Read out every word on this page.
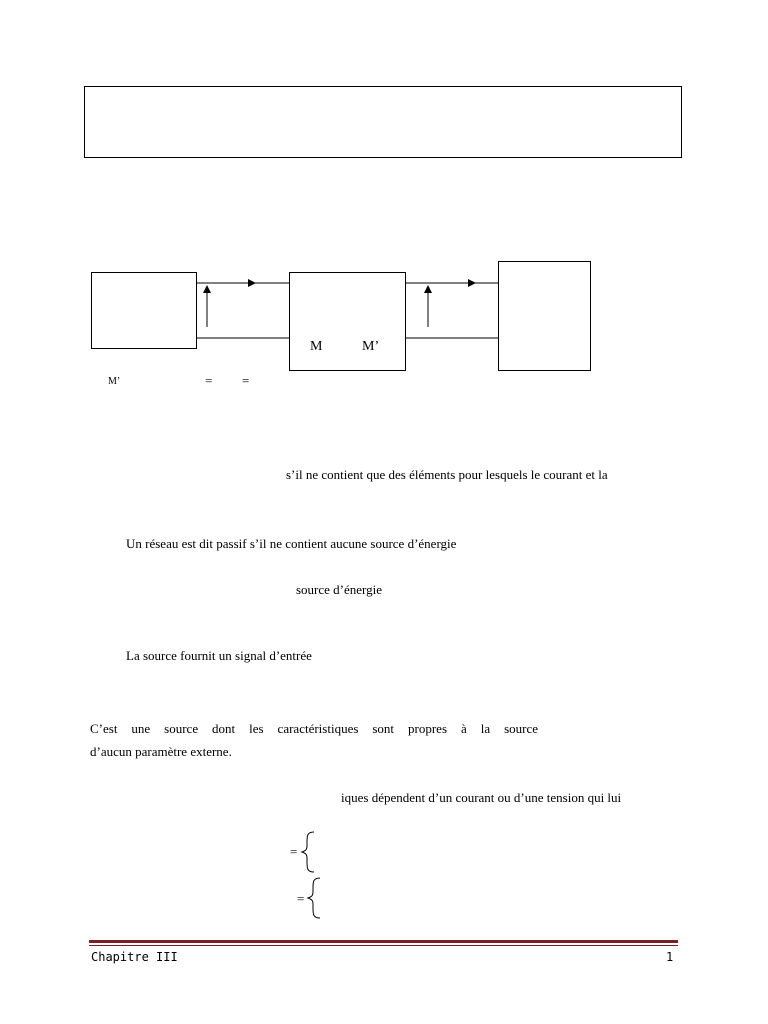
M	M’
M’	= =
s’il ne contient que des éléments pour lesquels le courant et la
Un réseau est dit passif s’il ne contient aucune source d’énergie
source d’énergie
La source fournit un signal d’entrée
C’est une source dont les caractéristiques sont propres à la source
d’aucun paramètre externe.
iques dépendent d’un courant ou d’une tension qui lui
=
=
Chapitre III	1
